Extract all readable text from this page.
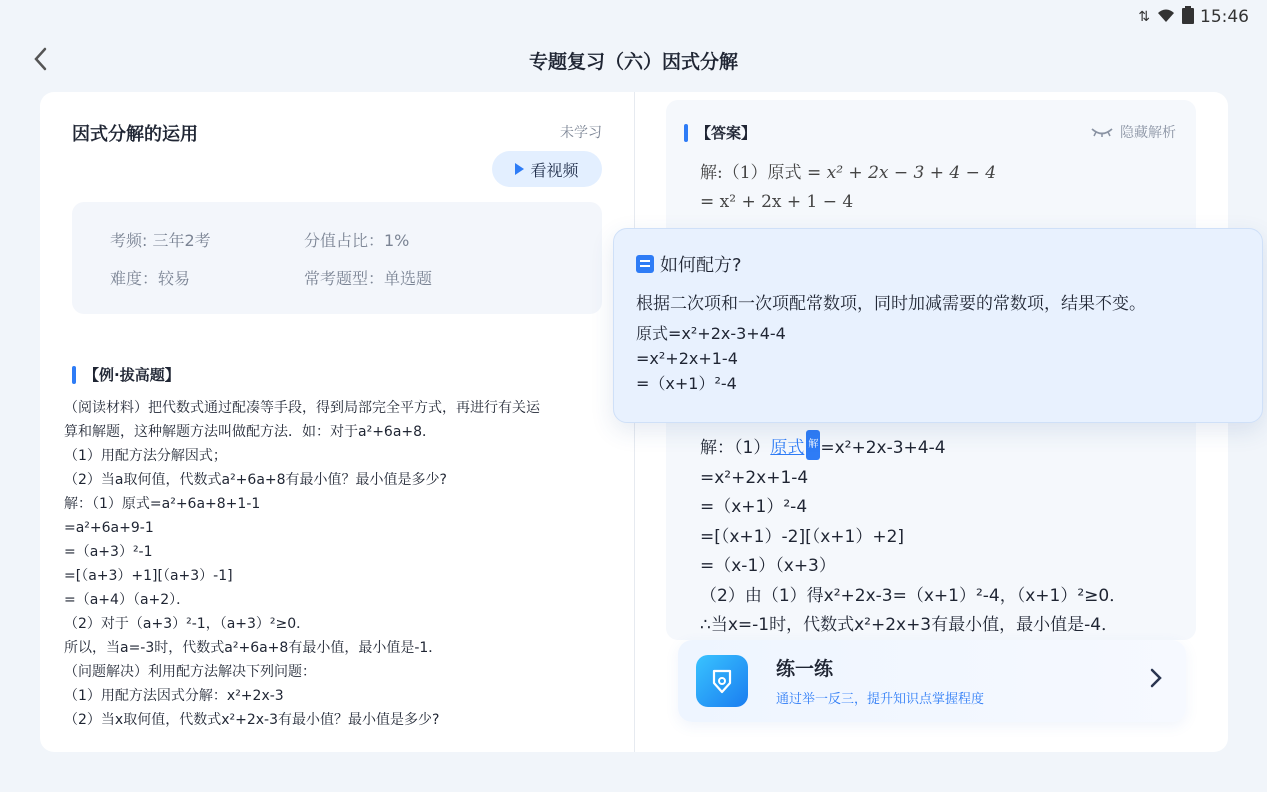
⇅	15:46
专题复习（六）因式分解
因式分解的运用	未学习
看视频
考频: 三年2考	分值占比：1%
难度：较易	常考题型：单选题
【例·拔高题】

（阅读材料）把代数式通过配凑等手段，得到局部完全平方式，再进行有关运

算和解题，这种解题方法叫做配方法．如：对于a²+6a+8．

（1）用配方法分解因式；

（2）当a取何值，代数式a²+6a+8有最小值？最小值是多少?

解：（1）原式=a²+6a+8+1-1

=a²+6a+9-1

=（a+3）²-1

=[（a+3）+1][（a+3）-1]

=（a+4）（a+2）．

（2）对于（a+3）²-1，（a+3）²≥0．

所以，当a=-3时，代数式a²+6a+8有最小值，最小值是-1．

（问题解决）利用配方法解决下列问题：

（1）用配方法因式分解：x²+2x-3

（2）当x取何值，代数式x²+2x-3有最小值？最小值是多少?

【答案】	隐藏解析
解:（1）原式 = x² + 2x − 3 + 4 − 4
= x² + 2x + 1 − 4

解：（1）原式 解 =x²+2x-3+4-4

=x²+2x+1-4

=（x+1）²-4

=[（x+1）-2][（x+1）+2]

=（x-1）（x+3）

（2）由（1）得x²+2x-3=（x+1）²-4，（x+1）²≥0．

∴当x=-1时，代数式x²+2x+3有最小值，最小值是-4．

练一练
通过举一反三，提升知识点掌握程度
如何配方?
根据二次项和一次项配常数项，同时加减需要的常数项，结果不变。
原式=x²+2x-3+4-4
=x²+2x+1-4
=（x+1）²-4
